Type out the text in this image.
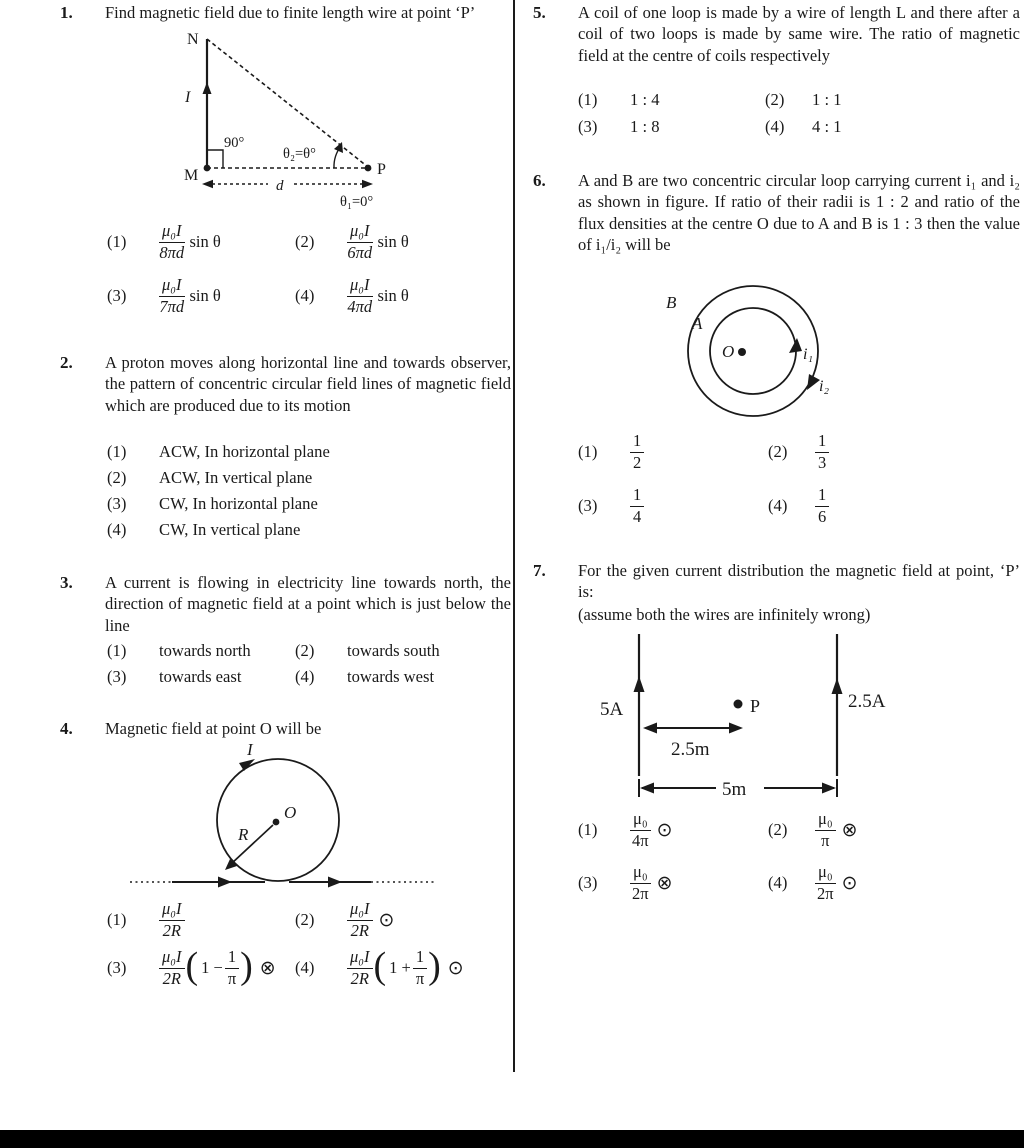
1. Find magnetic field due to finite length wire at point ‘P’
N
I
M	P
90°
θ₂=θ°
d
θ₁=0°
(1)	$\frac{\text{μ₀I}}{8\pi d}$ sin θ	(2)	$\frac{\text{μ₀I}}{6\pi d}$ sin θ
(3)	$\frac{\text{μ₀I}}{7\pi d}$ sin θ	(4)	$\frac{\text{μ₀I}}{4\pi d}$ sin θ
2. A proton moves along horizontal line and towards observer, the pattern of concentric circular field lines of magnetic field which are produced due to its motion
(1)	ACW, In horizontal plane
(2)	ACW, In vertical plane
(3)	CW, In horizontal plane
(4)	CW, In vertical plane
3. A current is flowing in electricity line towards north, the direction of magnetic field at a point which is just below the line
(1)	towards north	(2)	towards south
(3)	towards east	(4)	towards west
4. Magnetic field at point O will be
I
O
R
(1)	$\frac{\text{μ₀I}}{2R}$	(2)	$\frac{\text{μ₀I}}{2R}$ ⊙
(3)	$\frac{\text{μ₀I}}{2R}$ ( $1 - \frac{1}{\pi}$ ) ⊗ (4)	$\frac{\text{μ₀I}}{2R}$ ( $1 + \frac{1}{\pi}$ ) ⊙
5. A coil of one loop is made by a wire of length L and there after a coil of two loops is made by same wire. The ratio of magnetic field at the centre of coils respectively
(1)	1 : 4	(2)	1 : 1
(3)	1 : 8	(4)	4 : 1
6. A and B are two concentric circular loop carrying current i₁ and i₂ as shown in figure. If ratio of their radii is 1 : 2 and ratio of the flux densities at the centre O due to A and B is 1 : 3 then the value of i₁/i₂ will be
B
A
O	i₁
i₂
(1)	$\frac{1}{2}$	(2)	$\frac{1}{3}$
(3)	$\frac{1}{4}$	(4)	$\frac{1}{6}$
7. For the given current distribution the magnetic field at point, ‘P’ is:
(assume both the wires are infinitely wrong)
5A	2.5A
P
2.5m
5m
(1)	$\frac{\text{μ₀}}{4\pi}$ ⊙	(2)	$\frac{\text{μ₀}}{\pi}$ ⊗
(3)	$\frac{\text{μ₀}}{2\pi}$ ⊗	(4)	$\frac{\text{μ₀}}{2\pi}$ ⊙
